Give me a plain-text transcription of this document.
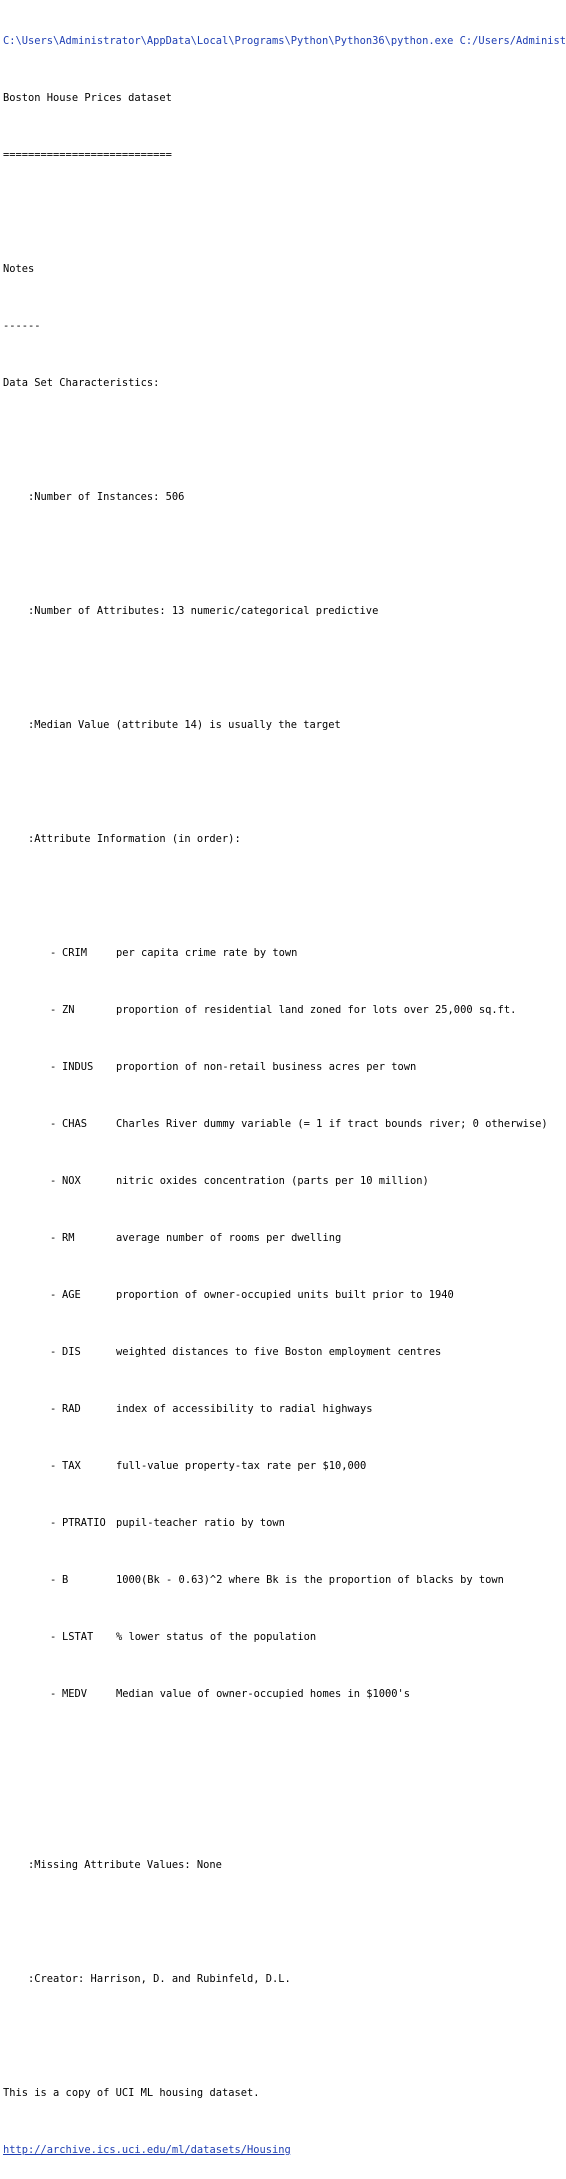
C:\Users\Administrator\AppData\Local\Programs\Python\Python36\python.exe C:/Users/Administ

Boston House Prices dataset

===========================

Notes

------

Data Set Characteristics:

:Number of Instances: 506

:Number of Attributes: 13 numeric/categorical predictive

:Median Value (attribute 14) is usually the target

:Attribute Information (in order):

- CRIM	per capita crime rate by town

- ZN	proportion of residential land zoned for lots over 25,000 sq.ft.

- INDUS proportion of non-retail business acres per town

- CHAS	Charles River dummy variable (= 1 if tract bounds river; 0 otherwise)

- NOX	nitric oxides concentration (parts per 10 million)

- RM	average number of rooms per dwelling

- AGE	proportion of owner-occupied units built prior to 1940

- DIS	weighted distances to five Boston employment centres

- RAD	index of accessibility to radial highways

- TAX	full-value property-tax rate per $10,000

- PTRATIO pupil-teacher ratio by town

- B	1000(Bk - 0.63)^2 where Bk is the proportion of blacks by town

- LSTAT % lower status of the population

- MEDV	Median value of owner-occupied homes in $1000's

:Missing Attribute Values: None

:Creator: Harrison, D. and Rubinfeld, D.L.

This is a copy of UCI ML housing dataset.

http://archive.ics.uci.edu/ml/datasets/Housing
